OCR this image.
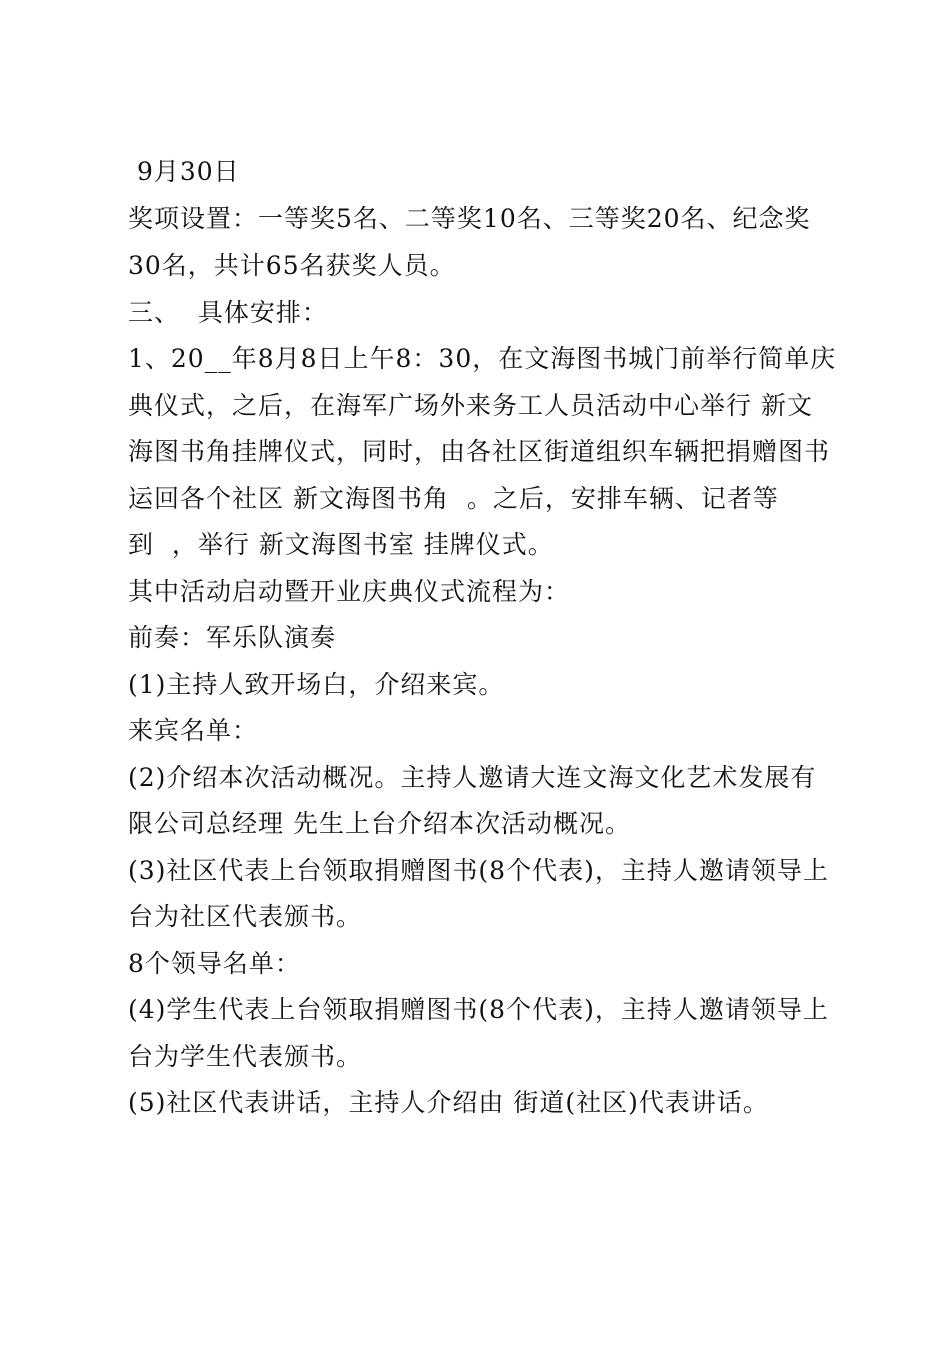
9月30日
奖项设置：一等奖5名、二等奖10名、三等奖20名、纪念奖
30名，共计65名获奖人员。
三、  具体安排：
1、20__年8月8日上午8：30，在文海图书城门前举行简单庆
典仪式，之后，在海军广场外来务工人员活动中心举行 新文
海图书角挂牌仪式，同时，由各社区街道组织车辆把捐赠图书
运回各个社区 新文海图书角  。之后，安排车辆、记者等
到  ，举行 新文海图书室 挂牌仪式。
其中活动启动暨开业庆典仪式流程为：
前奏：军乐队演奏
(1)主持人致开场白，介绍来宾。
来宾名单：
(2)介绍本次活动概况。主持人邀请大连文海文化艺术发展有
限公司总经理 先生上台介绍本次活动概况。
(3)社区代表上台领取捐赠图书(8个代表)，主持人邀请领导上
台为社区代表颁书。
8个领导名单：
(4)学生代表上台领取捐赠图书(8个代表)，主持人邀请领导上
台为学生代表颁书。
(5)社区代表讲话，主持人介绍由 街道(社区)代表讲话。
